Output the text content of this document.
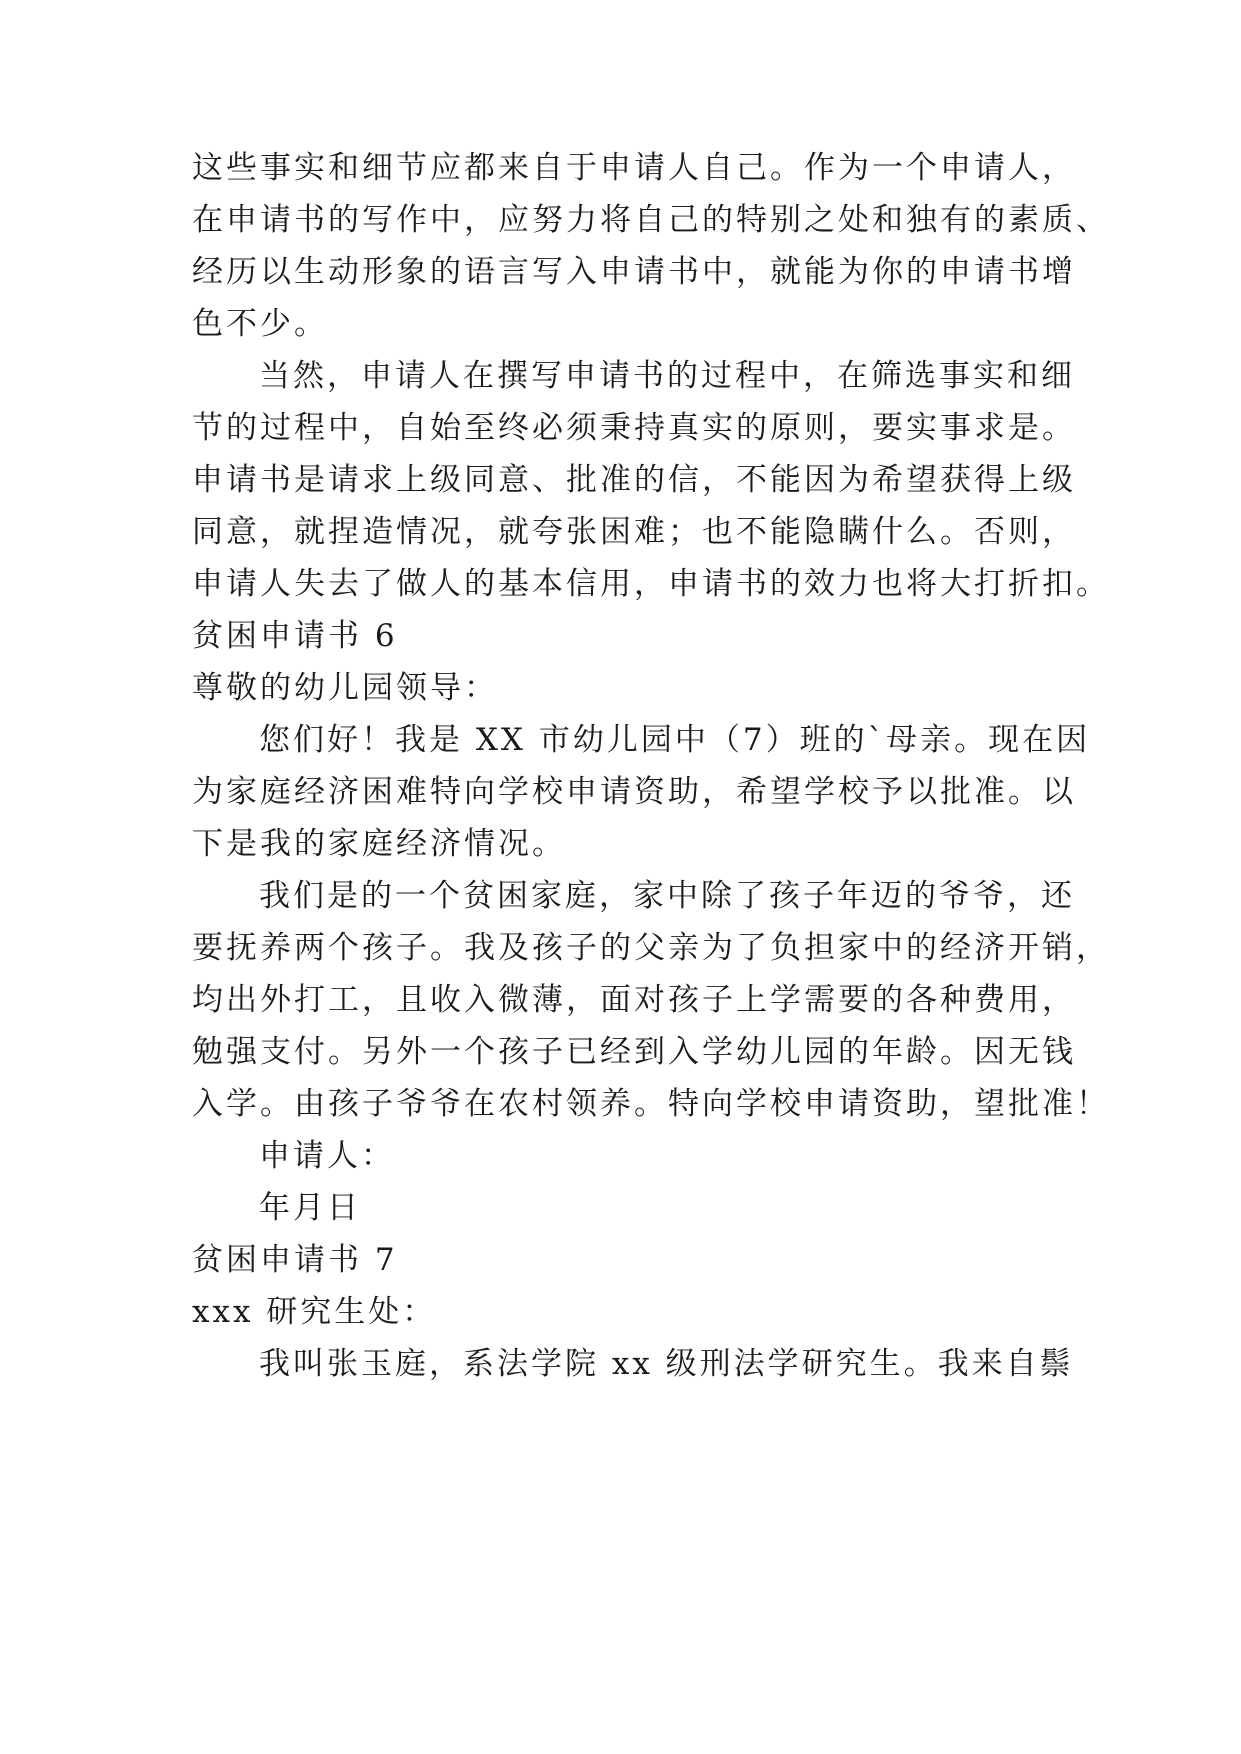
这些事实和细节应都来自于申请人自己。作为一个申请人，
在申请书的写作中，应努力将自己的特别之处和独有的素质、
经历以生动形象的语言写入申请书中，就能为你的申请书增
色不少。
当然，申请人在撰写申请书的过程中，在筛选事实和细
节的过程中，自始至终必须秉持真实的原则，要实事求是。
申请书是请求上级同意、批准的信，不能因为希望获得上级
同意，就捏造情况，就夸张困难；也不能隐瞒什么。否则，
申请人失去了做人的基本信用，申请书的效力也将大打折扣。
贫困申请书 6
尊敬的幼儿园领导：
您们好！我是 XX 市幼儿园中（7）班的`母亲。现在因
为家庭经济困难特向学校申请资助，希望学校予以批准。以
下是我的家庭经济情况。
我们是的一个贫困家庭，家中除了孩子年迈的爷爷，还
要抚养两个孩子。我及孩子的父亲为了负担家中的经济开销，
均出外打工，且收入微薄，面对孩子上学需要的各种费用，
勉强支付。另外一个孩子已经到入学幼儿园的年龄。因无钱
入学。由孩子爷爷在农村领养。特向学校申请资助，望批准！
申请人：
年月日
贫困申请书 7
xxx 研究生处：
我叫张玉庭，系法学院 xx 级刑法学研究生。我来自鬃
